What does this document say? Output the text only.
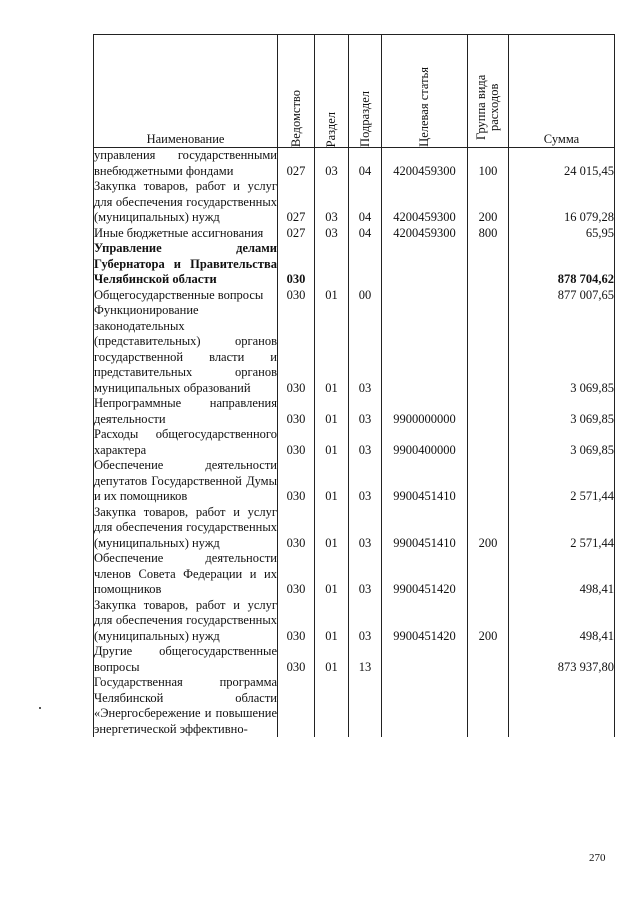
Наименование	Ведомство	Раздел	Подраздел	Целевая статья	Группа вида расходов	Сумма

управления государственными внебюджетными фондами	027	03	04	4200459300	100	24 015,45

Закупка товаров, работ и услуг для обеспечения государственных (муниципальных) нужд	027	03	04	4200459300	200	16 079,28

Иные бюджетные ассигнования	027	03	04	4200459300	800	65,95

Управление делами Губернатора и Правительства Челябинской области	030					878 704,62

Общегосударственные вопросы	030	01	00			877 007,65

Функционирование законодательных (представительных) органов государственной власти и представительных органов муниципальных образований	030	01	03			3 069,85

Непрограммные направления деятельности	030	01	03	9900000000		3 069,85

Расходы общегосударственного характера	030	01	03	9900400000		3 069,85

Обеспечение деятельности депутатов Государственной Думы и их помощников	030	01	03	9900451410		2 571,44

Закупка товаров, работ и услуг для обеспечения государственных (муниципальных) нужд	030	01	03	9900451410	200	2 571,44

Обеспечение деятельности членов Совета Федерации и их помощников	030	01	03	9900451420		498,41

Закупка товаров, работ и услуг для обеспечения государственных (муниципальных) нужд	030	01	03	9900451420	200	498,41

Другие общегосударственные вопросы	030	01	13			873 937,80

Государственная программа Челябинской области «Энергосбережение и повышение энергетической эффективно-						

270
